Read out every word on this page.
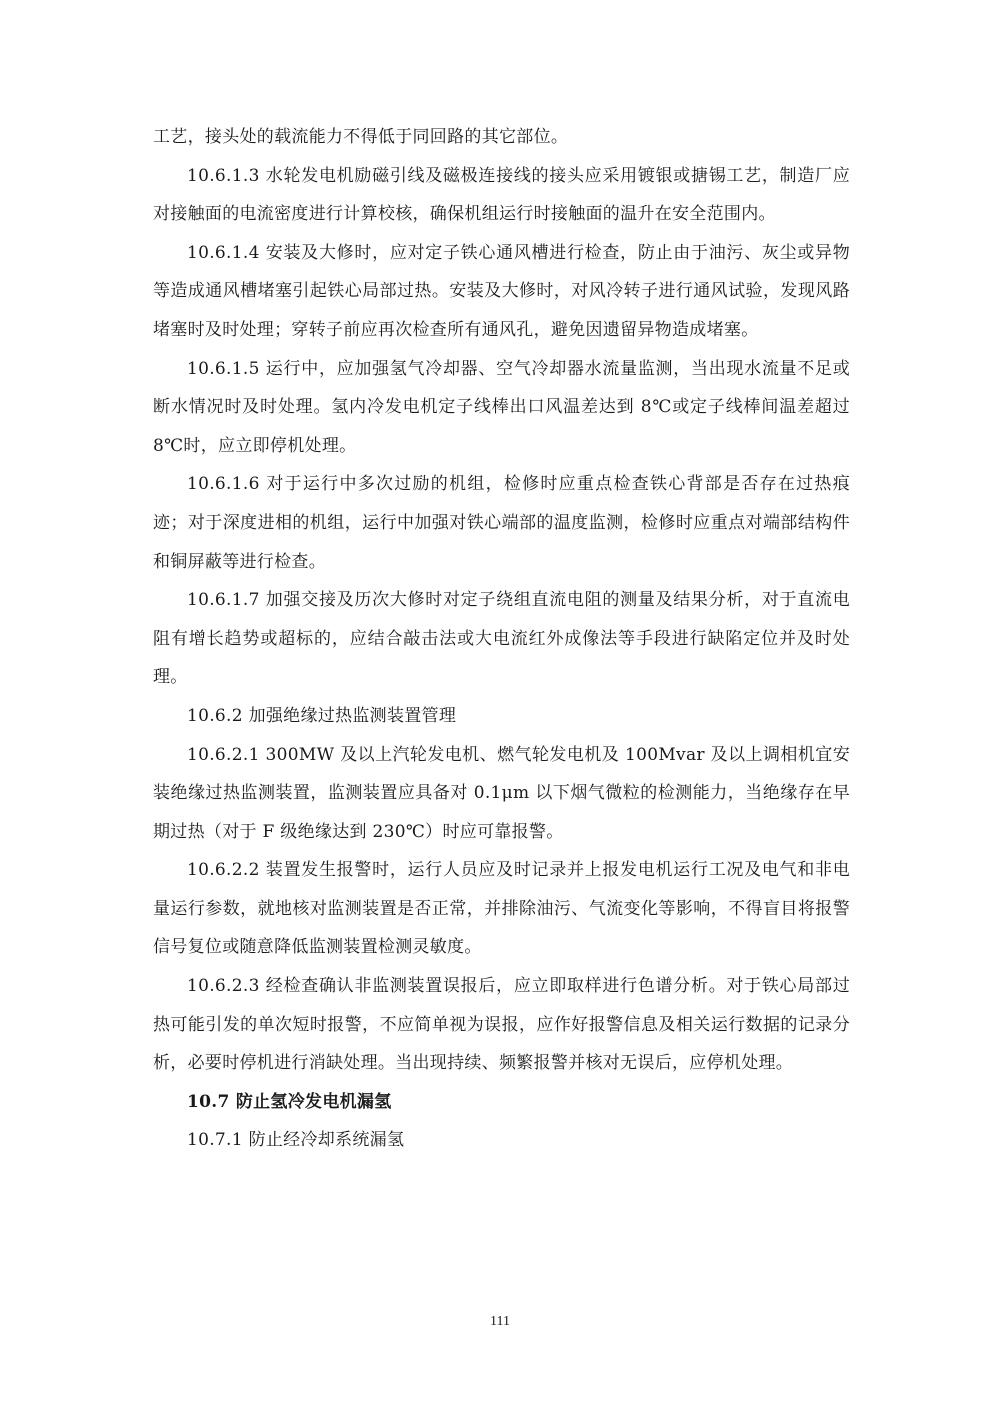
工艺，接头处的载流能力不得低于同回路的其它部位。

10.6.1.3 水轮发电机励磁引线及磁极连接线的接头应采用镀银或搪锡工艺，制造厂应对接触面的电流密度进行计算校核，确保机组运行时接触面的温升在安全范围内。

10.6.1.4 安装及大修时，应对定子铁心通风槽进行检查，防止由于油污、灰尘或异物等造成通风槽堵塞引起铁心局部过热。安装及大修时，对风冷转子进行通风试验，发现风路堵塞时及时处理；穿转子前应再次检查所有通风孔，避免因遗留异物造成堵塞。

10.6.1.5 运行中，应加强氢气冷却器、空气冷却器水流量监测，当出现水流量不足或断水情况时及时处理。氢内冷发电机定子线棒出口风温差达到 8℃或定子线棒间温差超过 8℃时，应立即停机处理。

10.6.1.6 对于运行中多次过励的机组，检修时应重点检查铁心背部是否存在过热痕迹；对于深度进相的机组，运行中加强对铁心端部的温度监测，检修时应重点对端部结构件和铜屏蔽等进行检查。

10.6.1.7 加强交接及历次大修时对定子绕组直流电阻的测量及结果分析，对于直流电阻有增长趋势或超标的，应结合敲击法或大电流红外成像法等手段进行缺陷定位并及时处理。

10.6.2 加强绝缘过热监测装置管理

10.6.2.1 300MW 及以上汽轮发电机、燃气轮发电机及 100Mvar 及以上调相机宜安装绝缘过热监测装置，监测装置应具备对 0.1μm 以下烟气微粒的检测能力，当绝缘存在早期过热（对于 F 级绝缘达到 230℃）时应可靠报警。

10.6.2.2 装置发生报警时，运行人员应及时记录并上报发电机运行工况及电气和非电量运行参数，就地核对监测装置是否正常，并排除油污、气流变化等影响，不得盲目将报警信号复位或随意降低监测装置检测灵敏度。

10.6.2.3 经检查确认非监测装置误报后，应立即取样进行色谱分析。对于铁心局部过热可能引发的单次短时报警，不应简单视为误报，应作好报警信息及相关运行数据的记录分析，必要时停机进行消缺处理。当出现持续、频繁报警并核对无误后，应停机处理。

10.7 防止氢冷发电机漏氢

10.7.1 防止经冷却系统漏氢

111
